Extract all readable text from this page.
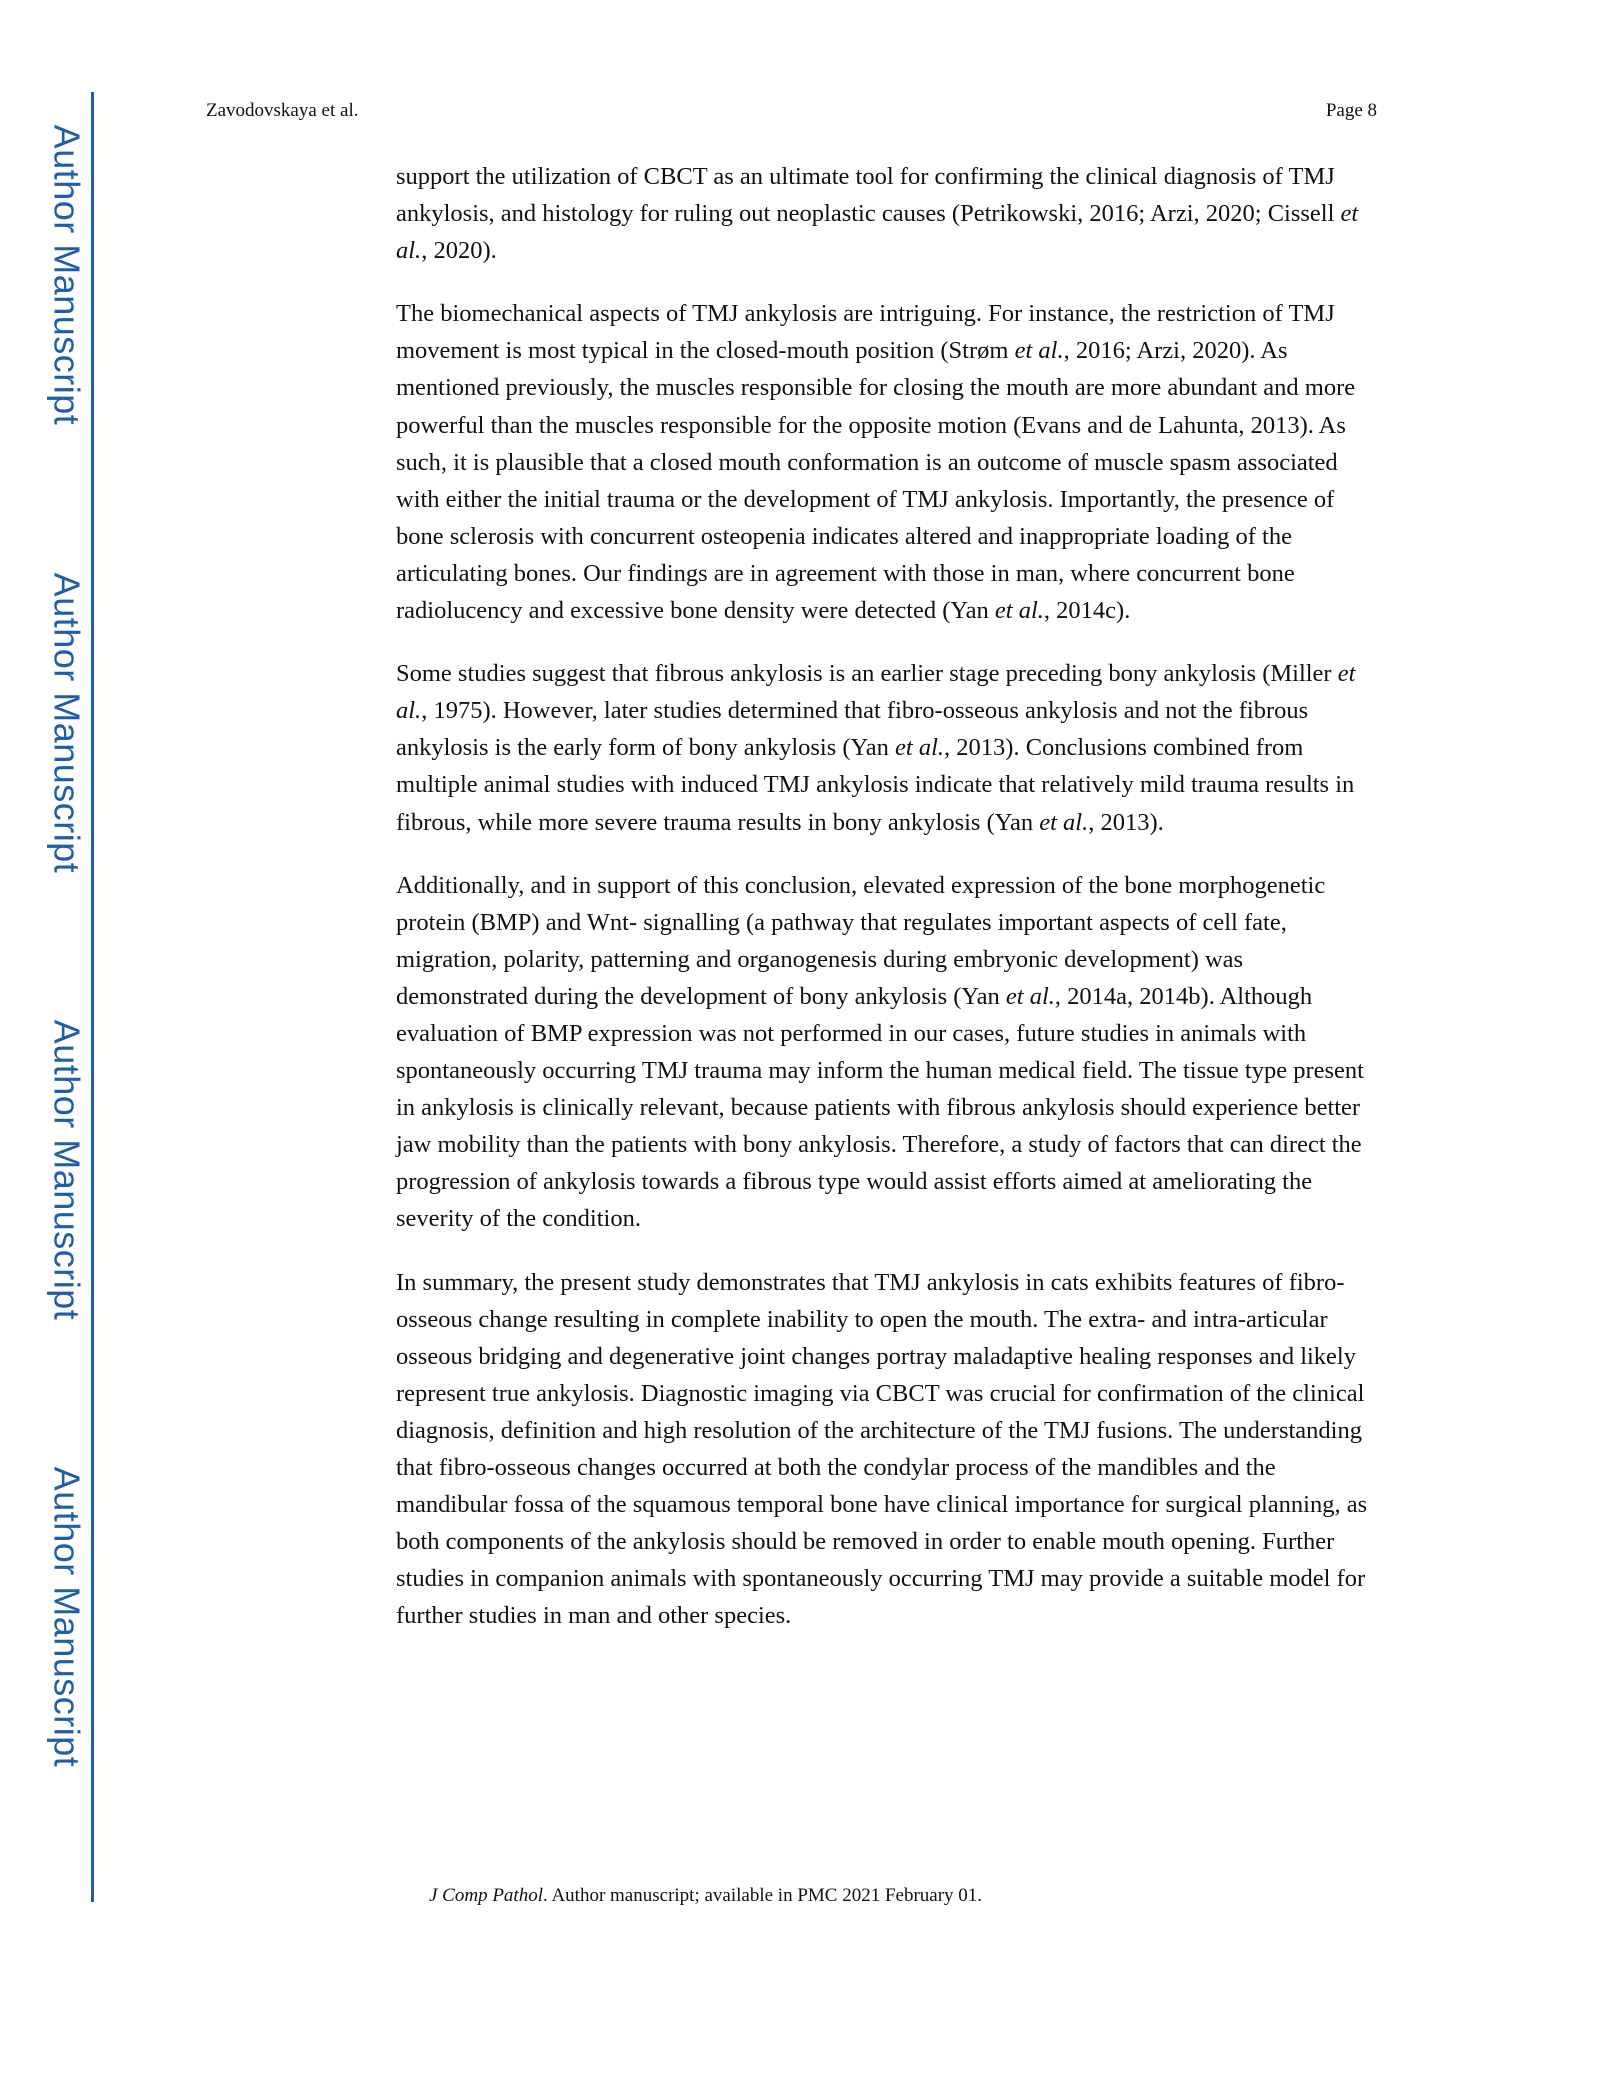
Author Manuscript
Author Manuscript
Author Manuscript
Author Manuscript
Zavodovskaya et al.	Page 8

support the utilization of CBCT as an ultimate tool for confirming the clinical diagnosis of TMJ ankylosis, and histology for ruling out neoplastic causes (Petrikowski, 2016; Arzi, 2020; Cissell et al., 2020).

The biomechanical aspects of TMJ ankylosis are intriguing. For instance, the restriction of TMJ movement is most typical in the closed-mouth position (Strøm et al., 2016; Arzi, 2020). As mentioned previously, the muscles responsible for closing the mouth are more abundant and more powerful than the muscles responsible for the opposite motion (Evans and de Lahunta, 2013). As such, it is plausible that a closed mouth conformation is an outcome of muscle spasm associated with either the initial trauma or the development of TMJ ankylosis. Importantly, the presence of bone sclerosis with concurrent osteopenia indicates altered and inappropriate loading of the articulating bones. Our findings are in agreement with those in man, where concurrent bone radiolucency and excessive bone density were detected (Yan et al., 2014c).

Some studies suggest that fibrous ankylosis is an earlier stage preceding bony ankylosis (Miller et al., 1975). However, later studies determined that fibro-osseous ankylosis and not the fibrous ankylosis is the early form of bony ankylosis (Yan et al., 2013). Conclusions combined from multiple animal studies with induced TMJ ankylosis indicate that relatively mild trauma results in fibrous, while more severe trauma results in bony ankylosis (Yan et al., 2013).

Additionally, and in support of this conclusion, elevated expression of the bone morphogenetic protein (BMP) and Wnt- signalling (a pathway that regulates important aspects of cell fate, migration, polarity, patterning and organogenesis during embryonic development) was demonstrated during the development of bony ankylosis (Yan et al., 2014a, 2014b). Although evaluation of BMP expression was not performed in our cases, future studies in animals with spontaneously occurring TMJ trauma may inform the human medical field. The tissue type present in ankylosis is clinically relevant, because patients with fibrous ankylosis should experience better jaw mobility than the patients with bony ankylosis. Therefore, a study of factors that can direct the progression of ankylosis towards a fibrous type would assist efforts aimed at ameliorating the severity of the condition.

In summary, the present study demonstrates that TMJ ankylosis in cats exhibits features of fibro-osseous change resulting in complete inability to open the mouth. The extra- and intra-articular osseous bridging and degenerative joint changes portray maladaptive healing responses and likely represent true ankylosis. Diagnostic imaging via CBCT was crucial for confirmation of the clinical diagnosis, definition and high resolution of the architecture of the TMJ fusions. The understanding that fibro-osseous changes occurred at both the condylar process of the mandibles and the mandibular fossa of the squamous temporal bone have clinical importance for surgical planning, as both components of the ankylosis should be removed in order to enable mouth opening. Further studies in companion animals with spontaneously occurring TMJ may provide a suitable model for further studies in man and other species.

J Comp Pathol. Author manuscript; available in PMC 2021 February 01.
